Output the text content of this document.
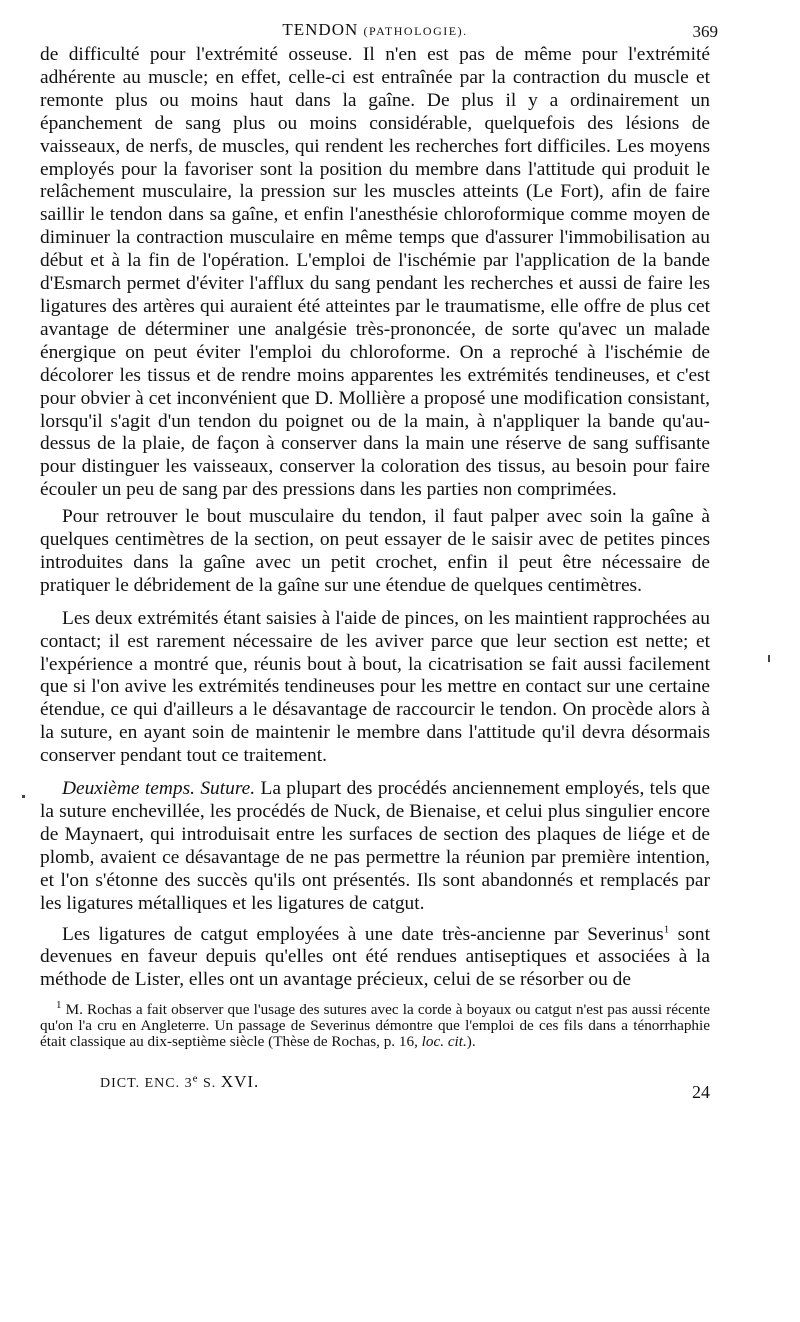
TENDON (PATHOLOGIE).	369

de difficulté pour l'extrémité osseuse. Il n'en est pas de même pour l'extrémité adhérente au muscle; en effet, celle-ci est entraînée par la contraction du muscle et remonte plus ou moins haut dans la gaîne. De plus il y a ordinairement un épanchement de sang plus ou moins considérable, quelquefois des lésions de vaisseaux, de nerfs, de muscles, qui rendent les recherches fort difficiles. Les moyens employés pour la favoriser sont la position du membre dans l'attitude qui produit le relâchement musculaire, la pression sur les muscles atteints (Le Fort), afin de faire saillir le tendon dans sa gaîne, et enfin l'anesthésie chloroformique comme moyen de diminuer la contraction musculaire en même temps que d'assurer l'immobilisation au début et à la fin de l'opération. L'emploi de l'ischémie par l'application de la bande d'Esmarch permet d'éviter l'afflux du sang pendant les recherches et aussi de faire les ligatures des artères qui auraient été atteintes par le traumatisme, elle offre de plus cet avantage de déterminer une analgésie très-prononcée, de sorte qu'avec un malade énergique on peut éviter l'emploi du chloroforme. On a reproché à l'ischémie de décolorer les tissus et de rendre moins apparentes les extrémités tendineuses, et c'est pour obvier à cet inconvénient que D. Mollière a proposé une modification consistant, lorsqu'il s'agit d'un tendon du poignet ou de la main, à n'appliquer la bande qu'au-dessus de la plaie, de façon à conserver dans la main une réserve de sang suffisante pour distinguer les vaisseaux, conserver la coloration des tissus, au besoin pour faire écouler un peu de sang par des pressions dans les parties non comprimées.

Pour retrouver le bout musculaire du tendon, il faut palper avec soin la gaîne à quelques centimètres de la section, on peut essayer de le saisir avec de petites pinces introduites dans la gaîne avec un petit crochet, enfin il peut être nécessaire de pratiquer le débridement de la gaîne sur une étendue de quelques centimètres.

Les deux extrémités étant saisies à l'aide de pinces, on les maintient rapprochées au contact; il est rarement nécessaire de les aviver parce que leur section est nette; et l'expérience a montré que, réunis bout à bout, la cicatrisation se fait aussi facilement que si l'on avive les extrémités tendineuses pour les mettre en contact sur une certaine étendue, ce qui d'ailleurs a le désavantage de raccourcir le tendon. On procède alors à la suture, en ayant soin de maintenir le membre dans l'attitude qu'il devra désormais conserver pendant tout ce traitement.

Deuxième temps. Suture. La plupart des procédés anciennement employés, tels que la suture enchevillée, les procédés de Nuck, de Bienaise, et celui plus singulier encore de Maynaert, qui introduisait entre les surfaces de section des plaques de liége et de plomb, avaient ce désavantage de ne pas permettre la réunion par première intention, et l'on s'étonne des succès qu'ils ont présentés. Ils sont abandonnés et remplacés par les ligatures métalliques et les ligatures de catgut.

Les ligatures de catgut employées à une date très-ancienne par Severinus$^1$ sont devenues en faveur depuis qu'elles ont été rendues antiseptiques et associées à la méthode de Lister, elles ont un avantage précieux, celui de se résorber ou de

$^1$ M. Rochas a fait observer que l'usage des sutures avec la corde à boyaux ou catgut n'est pas aussi récente qu'on l'a cru en Angleterre. Un passage de Severinus démontre que l'emploi de ces fils dans a ténorrhaphie était classique au dix-septième siècle (Thèse de Rochas, p. 16, loc. cit.).

DICT. ENC. 3e S. XVI.
24
